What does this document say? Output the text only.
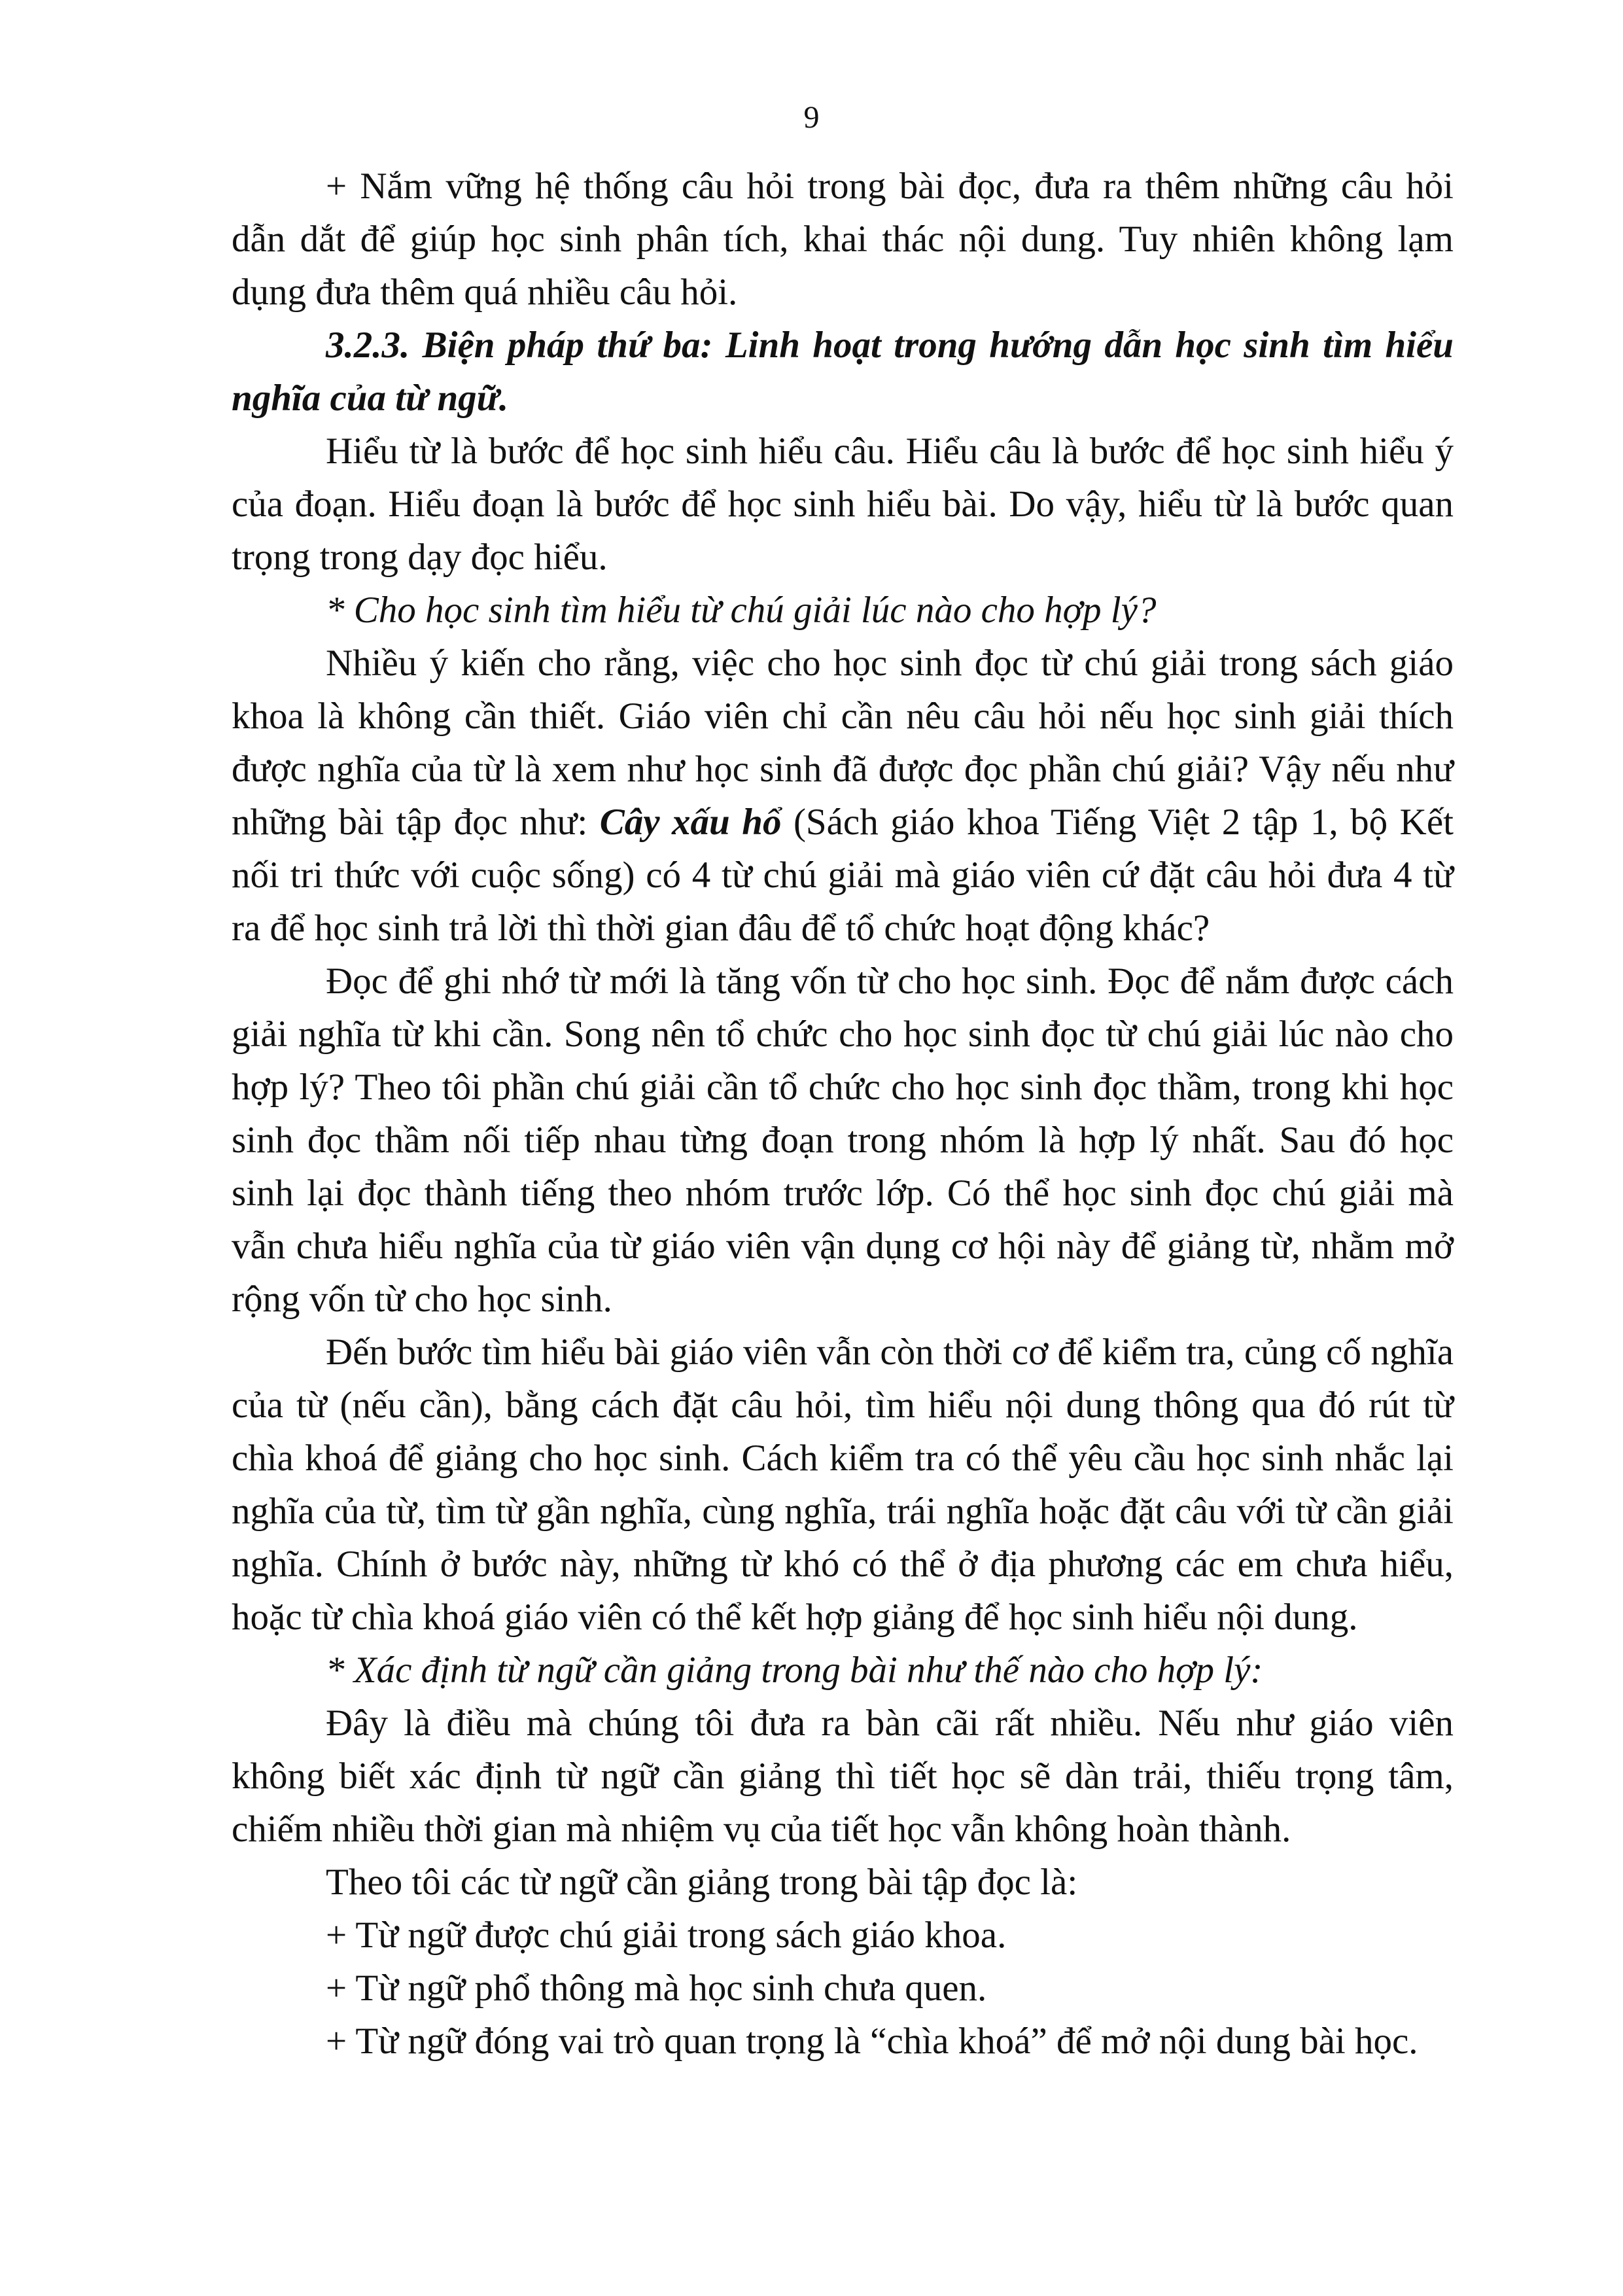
9

+ Nắm vững hệ thống câu hỏi trong bài đọc, đưa ra thêm những câu hỏi dẫn dắt để giúp học sinh phân tích, khai thác nội dung. Tuy nhiên không lạm dụng đưa thêm quá nhiều câu hỏi.

3.2.3. Biện pháp thứ ba: Linh hoạt trong hướng dẫn học sinh tìm hiểu nghĩa của từ ngữ.

Hiểu từ là bước để học sinh hiểu câu. Hiểu câu là bước để học sinh hiểu ý của đoạn. Hiểu đoạn là bước để học sinh hiểu bài. Do vậy, hiểu từ là bước quan trọng trong dạy đọc hiểu.

* Cho học sinh tìm hiểu từ chú giải lúc nào cho hợp lý?

Nhiều ý kiến cho rằng, việc cho học sinh đọc từ chú giải trong sách giáo khoa là không cần thiết. Giáo viên chỉ cần nêu câu hỏi nếu học sinh giải thích được nghĩa của từ là xem như học sinh đã được đọc phần chú giải? Vậy nếu như những bài tập đọc như: Cây xấu hổ (Sách giáo khoa Tiếng Việt 2 tập 1, bộ Kết nối tri thức với cuộc sống) có 4 từ chú giải mà giáo viên cứ đặt câu hỏi đưa 4 từ ra để học sinh trả lời thì thời gian đâu để tổ chức hoạt động khác?

Đọc để ghi nhớ từ mới là tăng vốn từ cho học sinh. Đọc để nắm được cách giải nghĩa từ khi cần. Song nên tổ chức cho học sinh đọc từ chú giải lúc nào cho hợp lý? Theo tôi phần chú giải cần tổ chức cho học sinh đọc thầm, trong khi học sinh đọc thầm nối tiếp nhau từng đoạn trong nhóm là hợp lý nhất. Sau đó học sinh lại đọc thành tiếng theo nhóm trước lớp. Có thể học sinh đọc chú giải mà vẫn chưa hiểu nghĩa của từ giáo viên vận dụng cơ hội này để giảng từ, nhằm mở rộng vốn từ cho học sinh.

Đến bước tìm hiểu bài giáo viên vẫn còn thời cơ để kiểm tra, củng cố nghĩa của từ (nếu cần), bằng cách đặt câu hỏi, tìm hiểu nội dung thông qua đó rút từ chìa khoá để giảng cho học sinh. Cách kiểm tra có thể yêu cầu học sinh nhắc lại nghĩa của từ, tìm từ gần nghĩa, cùng nghĩa, trái nghĩa hoặc đặt câu với từ cần giải nghĩa. Chính ở bước này, những từ khó có thể ở địa phương các em chưa hiểu, hoặc từ chìa khoá giáo viên có thể kết hợp giảng để học sinh hiểu nội dung.

* Xác định từ ngữ cần giảng trong bài như thế nào cho hợp lý:

Đây là điều mà chúng tôi đưa ra bàn cãi rất nhiều. Nếu như giáo viên không biết xác định từ ngữ cần giảng thì tiết học sẽ dàn trải, thiếu trọng tâm, chiếm nhiều thời gian mà nhiệm vụ của tiết học vẫn không hoàn thành.

Theo tôi các từ ngữ cần giảng trong bài tập đọc là:

+ Từ ngữ được chú giải trong sách giáo khoa.

+ Từ ngữ phổ thông mà học sinh chưa quen.

+ Từ ngữ đóng vai trò quan trọng là “chìa khoá” để mở nội dung bài học.
